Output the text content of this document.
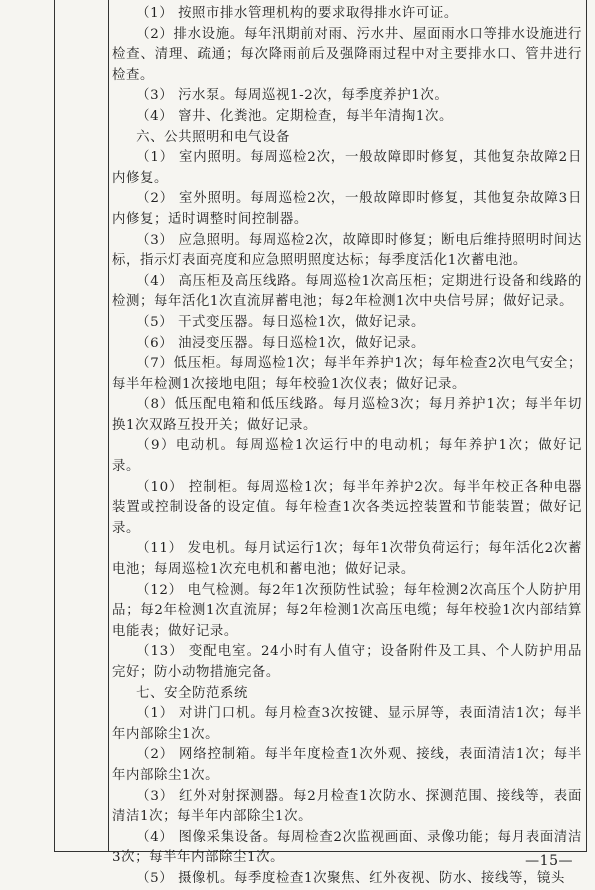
（1） 按照市排水管理机构的要求取得排水许可证。

（2）排水设施。每年汛期前对雨、污水井、屋面雨水口等排水设施进行检查、清理、疏通；每次降雨前后及强降雨过程中对主要排水口、管井进行检查。

（3） 污水泵。每周巡视1-2次，每季度养护1次。

（4） 窨井、化粪池。定期检查，每半年清掏1次。

六、公共照明和电气设备

（1） 室内照明。每周巡检2次，一般故障即时修复，其他复杂故障2日内修复。

（2） 室外照明。每周巡检2次，一般故障即时修复，其他复杂故障3日内修复；适时调整时间控制器。

（3） 应急照明。每周巡检2次，故障即时修复；断电后维持照明时间达标，指示灯表面亮度和应急照明照度达标；每季度活化1次蓄电池。

（4） 高压柜及高压线路。每周巡检1次高压柜；定期进行设备和线路的检测；每年活化1次直流屏蓄电池；每2年检测1次中央信号屏；做好记录。

（5） 干式变压器。每日巡检1次，做好记录。

（6） 油浸变压器。每日巡检1次，做好记录。

（7）低压柜。每周巡检1次；每半年养护1次；每年检查2次电气安全；每半年检测1次接地电阻；每年校验1次仪表；做好记录。

（8）低压配电箱和低压线路。每月巡检3次；每月养护1次；每半年切换1次双路互投开关；做好记录。

（9）电动机。每周巡检1次运行中的电动机；每年养护1次；做好记录。

（10） 控制柜。每周巡检1次；每半年养护2次。每半年校正各种电器装置或控制设备的设定值。每年检查1次各类远控装置和节能装置；做好记录。

（11） 发电机。每月试运行1次；每年1次带负荷运行；每年活化2次蓄电池；每周巡检1次充电机和蓄电池；做好记录。

（12） 电气检测。每2年1次预防性试验；每年检测2次高压个人防护用品；每2年检测1次直流屏；每2年检测1次高压电缆；每年校验1次内部结算电能表；做好记录。

（13） 变配电室。24小时有人值守；设备附件及工具、个人防护用品完好；防小动物措施完备。

七、安全防范系统

（1） 对讲门口机。每月检查3次按键、显示屏等，表面清洁1次；每半年内部除尘1次。

（2） 网络控制箱。每半年度检查1次外观、接线，表面清洁1次；每半年内部除尘1次。

（3） 红外对射探测器。每2月检查1次防水、探测范围、接线等，表面清洁1次；每半年内部除尘1次。

（4） 图像采集设备。每周检查2次监视画面、录像功能；每月表面清洁3次；每半年内部除尘1次。

（5） 摄像机。每季度检查1次聚焦、红外夜视、防水、接线等，镜头

—15—
